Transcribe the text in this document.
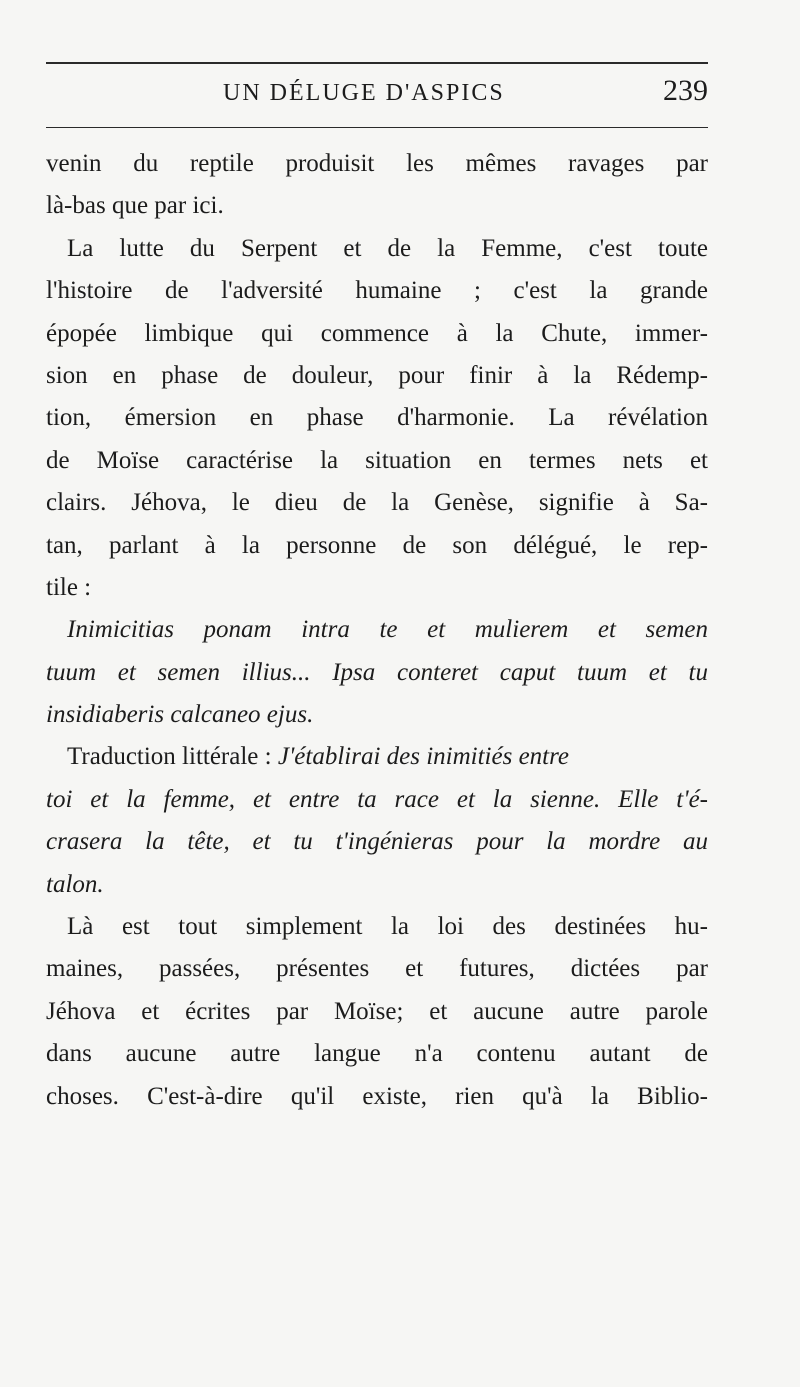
UN DÉLUGE D'ASPICS	239
venin du reptile produisit les mêmes ravages par
là-bas que par ici.
La lutte du Serpent et de la Femme, c'est toute
l'histoire de l'adversité humaine ; c'est la grande
épopée limbique qui commence à la Chute, immer-
sion en phase de douleur, pour finir à la Rédemp-
tion, émersion en phase d'harmonie. La révélation
de Moïse caractérise la situation en termes nets et
clairs. Jéhova, le dieu de la Genèse, signifie à Sa-
tan, parlant à la personne de son délégué, le rep-
tile :
Inimicitias ponam intra te et mulierem et semen
tuum et semen illius... Ipsa conteret caput tuum et tu
insidiaberis calcaneo ejus.
Traduction littérale : J'établirai des inimitiés entre
toi et la femme, et entre ta race et la sienne. Elle t'é-
crasera la tête, et tu t'ingénieras pour la mordre au
talon.
Là est tout simplement la loi des destinées hu-
maines, passées, présentes et futures, dictées par
Jéhova et écrites par Moïse; et aucune autre parole
dans aucune autre langue n'a contenu autant de
choses. C'est-à-dire qu'il existe, rien qu'à la Biblio-
